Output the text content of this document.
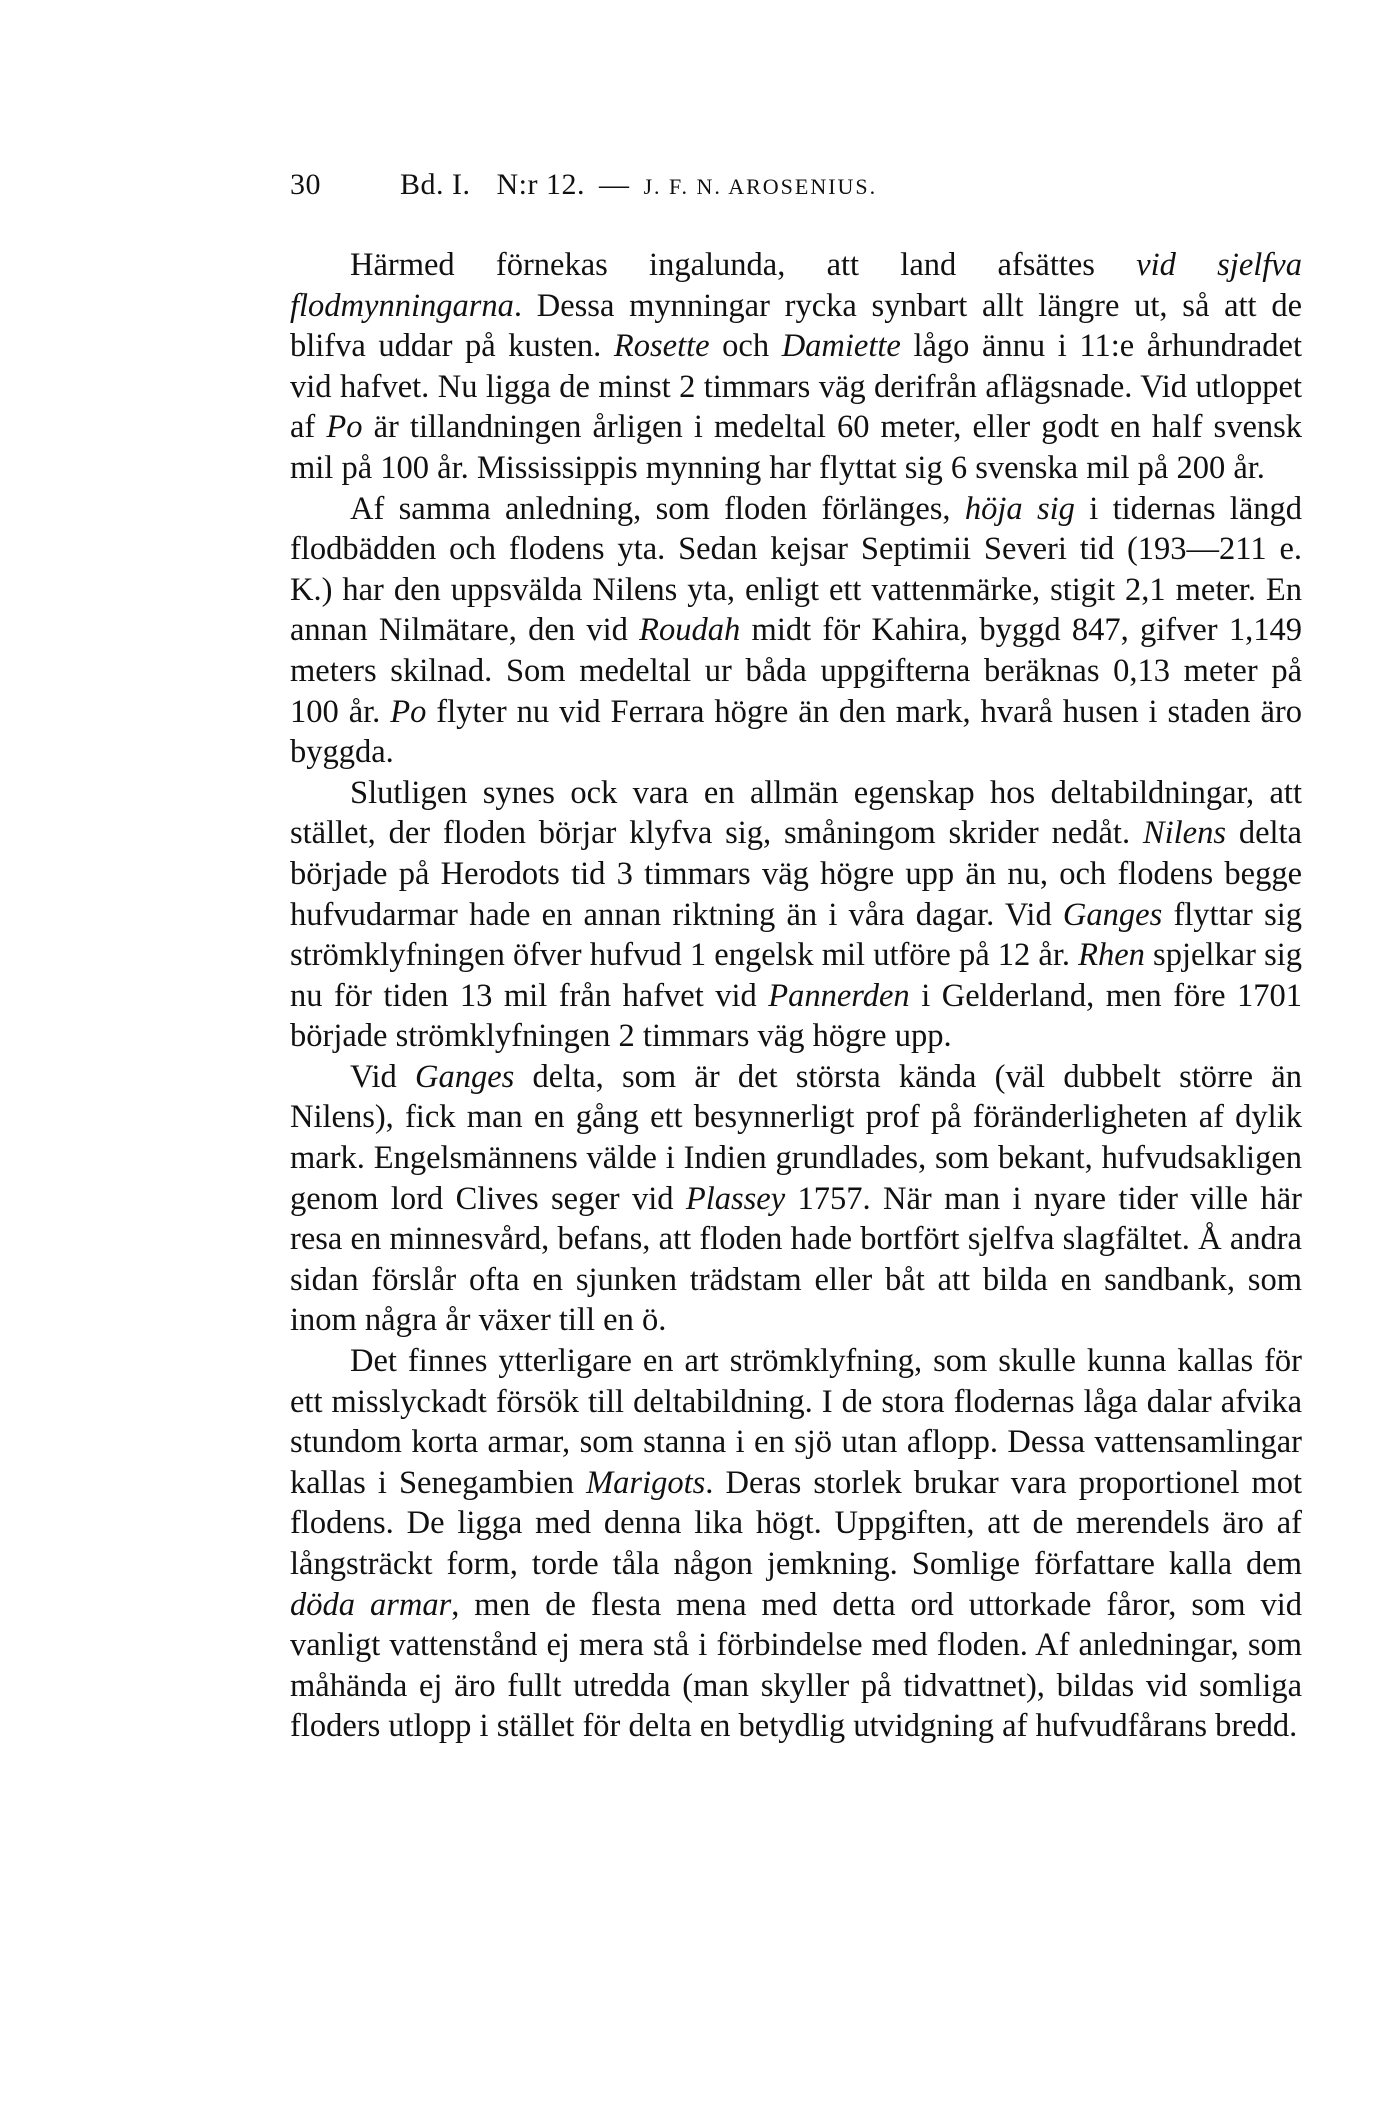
30	Bd. I. N:r 12. — J. F. N. AROSENIUS.

Härmed förnekas ingalunda, att land afsättes vid sjelfva flodmynningarna. Dessa mynningar rycka synbart allt längre ut, så att de blifva uddar på kusten. Rosette och Damiette lågo ännu i 11:e århundradet vid hafvet. Nu ligga de minst 2 timmars väg derifrån aflägsnade. Vid utloppet af Po är tillandningen årligen i medeltal 60 meter, eller godt en half svensk mil på 100 år. Mississippis mynning har flyttat sig 6 svenska mil på 200 år.

Af samma anledning, som floden förlänges, höja sig i tidernas längd flodbädden och flodens yta. Sedan kejsar Septimii Severi tid (193—211 e. K.) har den uppsvälda Nilens yta, enligt ett vattenmärke, stigit 2,1 meter. En annan Nilmätare, den vid Roudah midt för Kahira, byggd 847, gifver 1,149 meters skilnad. Som medeltal ur båda uppgifterna beräknas 0,13 meter på 100 år. Po flyter nu vid Ferrara högre än den mark, hvarå husen i staden äro byggda.

Slutligen synes ock vara en allmän egenskap hos deltabildningar, att stället, der floden börjar klyfva sig, småningom skrider nedåt. Nilens delta började på Herodots tid 3 timmars väg högre upp än nu, och flodens begge hufvudarmar hade en annan riktning än i våra dagar. Vid Ganges flyttar sig strömklyfningen öfver hufvud 1 engelsk mil utföre på 12 år. Rhen spjelkar sig nu för tiden 13 mil från hafvet vid Pannerden i Gelderland, men före 1701 började strömklyfningen 2 timmars väg högre upp.

Vid Ganges delta, som är det största kända (väl dubbelt större än Nilens), fick man en gång ett besynnerligt prof på föränderligheten af dylik mark. Engelsmännens välde i Indien grundlades, som bekant, hufvudsakligen genom lord Clives seger vid Plassey 1757. När man i nyare tider ville här resa en minnesvård, befans, att floden hade bortfört sjelfva slagfältet. Å andra sidan förslår ofta en sjunken trädstam eller båt att bilda en sandbank, som inom några år växer till en ö.

Det finnes ytterligare en art strömklyfning, som skulle kunna kallas för ett misslyckadt försök till deltabildning. I de stora flodernas låga dalar afvika stundom korta armar, som stanna i en sjö utan aflopp. Dessa vattensamlingar kallas i Senegambien Marigots. Deras storlek brukar vara proportionel mot flodens. De ligga med denna lika högt. Uppgiften, att de merendels äro af långsträckt form, torde tåla någon jemkning. Somlige författare kalla dem döda armar, men de flesta mena med detta ord uttorkade fåror, som vid vanligt vattenstånd ej mera stå i förbindelse med floden. Af anledningar, som måhända ej äro fullt utredda (man skyller på tidvattnet), bildas vid somliga floders utlopp i stället för delta en betydlig utvidgning af hufvudfårans bredd.
